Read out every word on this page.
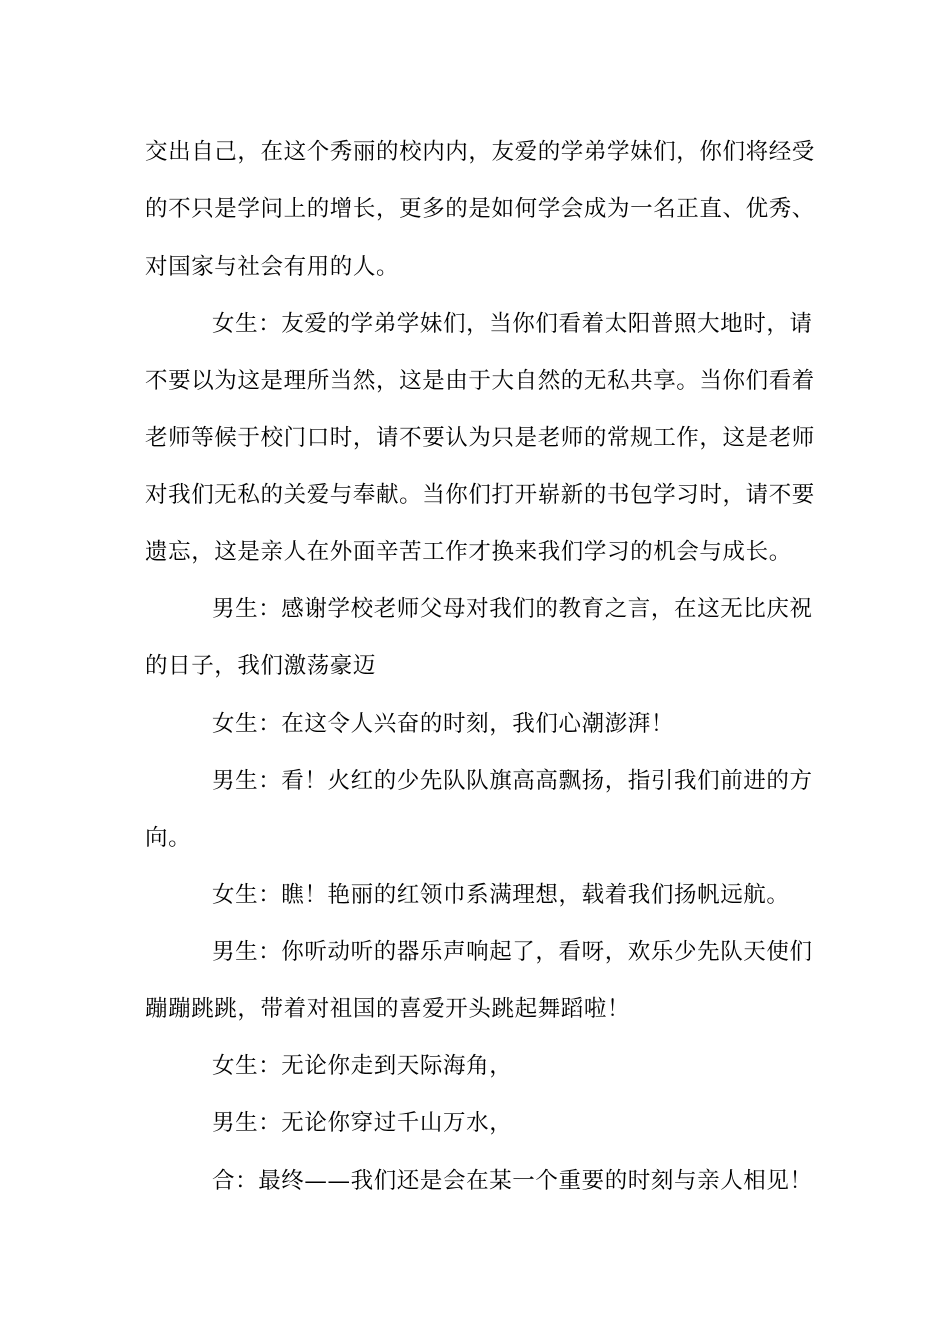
交出自己，在这个秀丽的校内内，友爱的学弟学妹们，你们将经受
的不只是学问上的增长，更多的是如何学会成为一名正直、优秀、
对国家与社会有用的人。
女生：友爱的学弟学妹们，当你们看着太阳普照大地时，请
不要以为这是理所当然，这是由于大自然的无私共享。当你们看着
老师等候于校门口时，请不要认为只是老师的常规工作，这是老师
对我们无私的关爱与奉献。当你们打开崭新的书包学习时，请不要
遗忘，这是亲人在外面辛苦工作才换来我们学习的机会与成长。
男生：感谢学校老师父母对我们的教育之言，在这无比庆祝
的日子，我们激荡豪迈
女生：在这令人兴奋的时刻，我们心潮澎湃！
男生：看！火红的少先队队旗高高飘扬，指引我们前进的方
向。
女生：瞧！艳丽的红领巾系满理想，载着我们扬帆远航。
男生：你听动听的器乐声响起了，看呀，欢乐少先队天使们
蹦蹦跳跳，带着对祖国的喜爱开头跳起舞蹈啦！
女生：无论你走到天际海角，
男生：无论你穿过千山万水，
合：最终——我们还是会在某一个重要的时刻与亲人相见！
